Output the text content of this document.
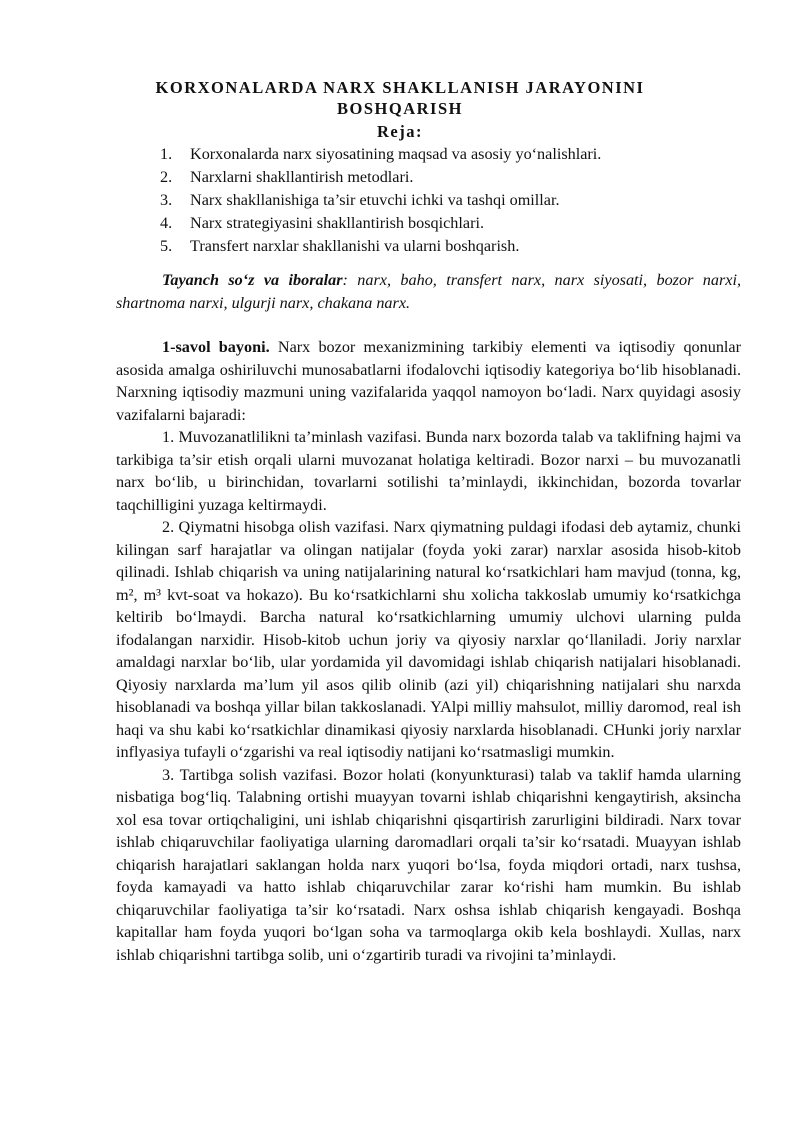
KORXONALARDA NARX SHAKLLANISH JARAYONINI BOSHQARISH
Reja:
1.	Korxonalarda narx siyosatining maqsad va asosiy yo‘nalishlari.
2.	Narxlarni shakllantirish metodlari.
3.	Narx shakllanishiga ta’sir etuvchi ichki va tashqi omillar.
4.	Narx strategiyasini shakllantirish bosqichlari.
5.	Transfert narxlar shakllanishi va ularni boshqarish.

Tayanch so‘z va iboralar: narx, baho, transfert narx, narx siyosati, bozor narxi, shartnoma narxi, ulgurji narx, chakana narx.

1-savol bayoni. Narx bozor mexanizmining tarkibiy elementi va iqtisodiy qonunlar asosida amalga oshiriluvchi munosabatlarni ifodalovchi iqtisodiy kategoriya bo‘lib hisoblanadi. Narxning iqtisodiy mazmuni uning vazifalarida yaqqol namoyon bo‘ladi. Narx quyidagi asosiy vazifalarni bajaradi:

1. Muvozanatlilikni ta’minlash vazifasi. Bunda narx bozorda talab va taklifning hajmi va tarkibiga ta’sir etish orqali ularni muvozanat holatiga keltiradi. Bozor narxi – bu muvozanatli narx bo‘lib, u birinchidan, tovarlarni sotilishi ta’minlaydi, ikkinchidan, bozorda tovarlar taqchilligini yuzaga keltirmaydi.

2. Qiymatni hisobga olish vazifasi. Narx qiymatning puldagi ifodasi deb aytamiz, chunki kilingan sarf harajatlar va olingan natijalar (foyda yoki zarar) narxlar asosida hisob-kitob qilinadi. Ishlab chiqarish va uning natijalarining natural ko‘rsatkichlari ham mavjud (tonna, kg, m², m³ kvt-soat va hokazo). Bu ko‘rsatkichlarni shu xolicha takkoslab umumiy ko‘rsatkichga keltirib bo‘lmaydi. Barcha natural ko‘rsatkichlarning umumiy ulchovi ularning pulda ifodalangan narxidir. Hisob-kitob uchun joriy va qiyosiy narxlar qo‘llaniladi. Joriy narxlar amaldagi narxlar bo‘lib, ular yordamida yil davomidagi ishlab chiqarish natijalari hisoblanadi. Qiyosiy narxlarda ma’lum yil asos qilib olinib (azi yil) chiqarishning natijalari shu narxda hisoblanadi va boshqa yillar bilan takkoslanadi. YAlpi milliy mahsulot, milliy daromod, real ish haqi va shu kabi ko‘rsatkichlar dinamikasi qiyosiy narxlarda hisoblanadi. CHunki joriy narxlar inflyasiya tufayli o‘zgarishi va real iqtisodiy natijani ko‘rsatmasligi mumkin.

3. Tartibga solish vazifasi. Bozor holati (konyunkturasi) talab va taklif hamda ularning nisbatiga bog‘liq. Talabning ortishi muayyan tovarni ishlab chiqarishni kengaytirish, aksincha xol esa tovar ortiqchaligini, uni ishlab chiqarishni qisqartirish zarurligini bildiradi. Narx tovar ishlab chiqaruvchilar faoliyatiga ularning daromadlari orqali ta’sir ko‘rsatadi. Muayyan ishlab chiqarish harajatlari saklangan holda narx yuqori bo‘lsa, foyda miqdori ortadi, narx tushsa, foyda kamayadi va hatto ishlab chiqaruvchilar zarar ko‘rishi ham mumkin. Bu ishlab chiqaruvchilar faoliyatiga ta’sir ko‘rsatadi. Narx oshsa ishlab chiqarish kengayadi. Boshqa kapitallar ham foyda yuqori bo‘lgan soha va tarmoqlarga okib kela boshlaydi. Xullas, narx ishlab chiqarishni tartibga solib, uni o‘zgartirib turadi va rivojini ta’minlaydi.
